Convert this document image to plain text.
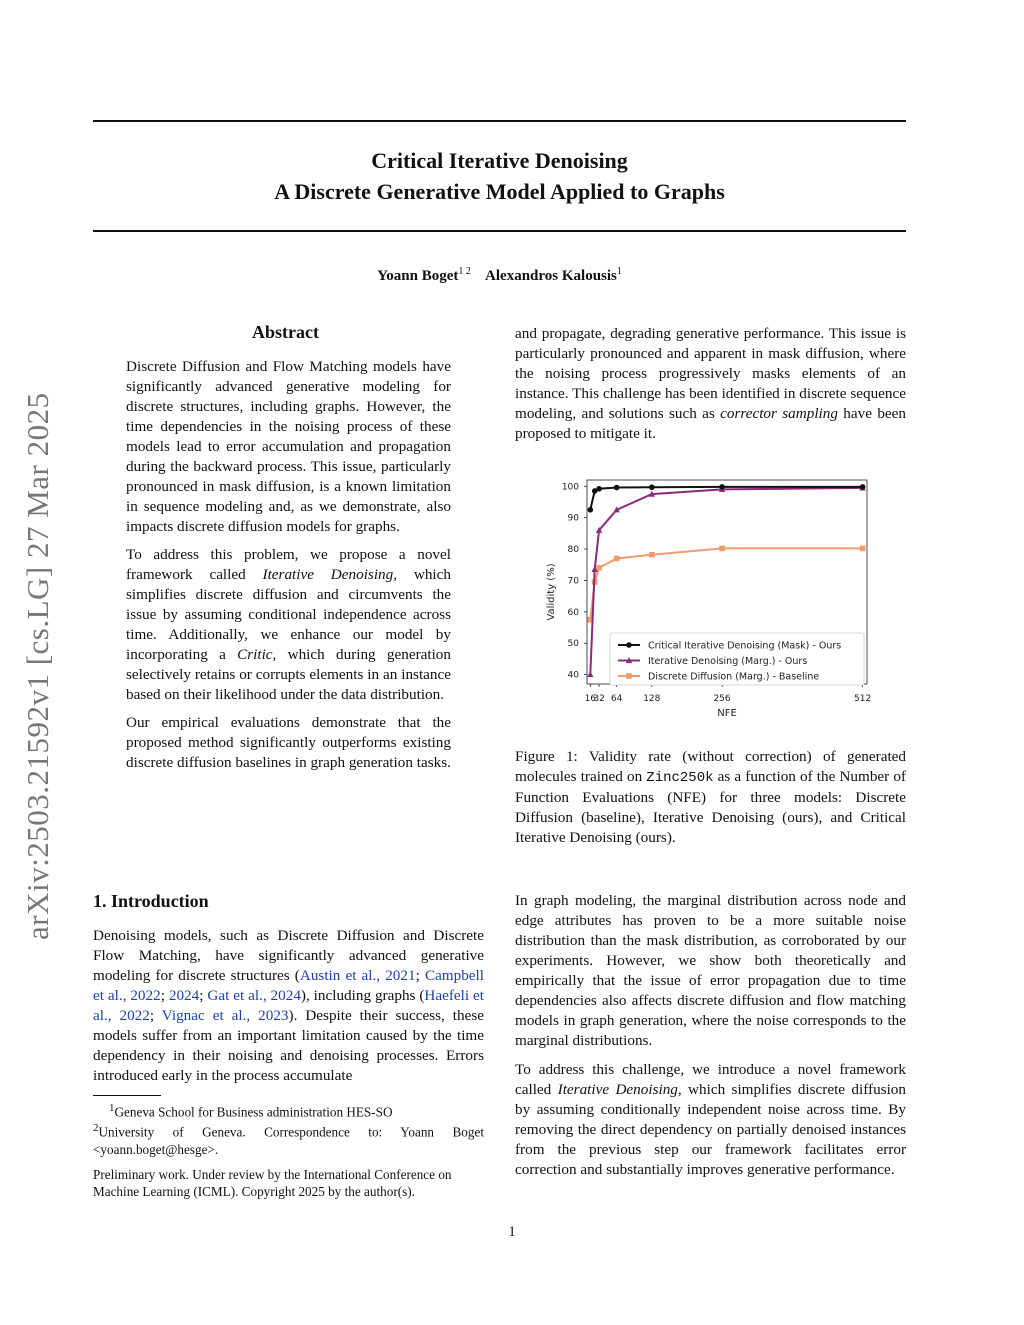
arXiv:2503.21592v1 [cs.LG] 27 Mar 2025
Critical Iterative Denoising
A Discrete Generative Model Applied to Graphs
Yoann Boget$^{1 2}$ Alexandros Kalousis$^1$
Abstract

Discrete Diffusion and Flow Matching models have significantly advanced generative modeling for discrete structures, including graphs. However, the time dependencies in the noising process of these models lead to error accumulation and propagation during the backward process. This issue, particularly pronounced in mask diffusion, is a known limitation in sequence modeling and, as we demonstrate, also impacts discrete diffusion models for graphs.

To address this problem, we propose a novel framework called Iterative Denoising, which simplifies discrete diffusion and circumvents the issue by assuming conditional independence across time. Additionally, we enhance our model by incorporating a Critic, which during generation selectively retains or corrupts elements in an instance based on their likelihood under the data distribution.

Our empirical evaluations demonstrate that the proposed method significantly outperforms existing discrete diffusion baselines in graph generation tasks.

and propagate, degrading generative performance. This issue is particularly pronounced and apparent in mask diffusion, where the noising process progressively masks elements of an instance. This challenge has been identified in discrete sequence modeling, and solutions such as corrector sampling have been proposed to mitigate it.

40
50
60
70
80
90
100
16
32 64 128	256	512
NFE
Validity (%)
Critical Iterative Denoising (Mask) - Ours
Iterative Denoising (Marg.) - Ours
Discrete Diffusion (Marg.) - Baseline

Figure 1: Validity rate (without correction) of generated molecules trained on Zinc250k as a function of the Number of Function Evaluations (NFE) for three models: Discrete Diffusion (baseline), Iterative Denoising (ours), and Critical Iterative Denoising (ours).

1. Introduction

Denoising models, such as Discrete Diffusion and Discrete Flow Matching, have significantly advanced generative modeling for discrete structures (Austin et al., 2021; Campbell et al., 2022; 2024; Gat et al., 2024), including graphs (Haefeli et al., 2022; Vignac et al., 2023). Despite their success, these models suffer from an important limitation caused by the time dependency in their noising and denoising processes. Errors introduced early in the process accumulate

$^1$Geneva School for Business administration HES-SO
$^2$University of Geneva. Correspondence to: Yoann Boget <yoann.boget@hesge>.
Preliminary work. Under review by the International Conference on Machine Learning (ICML). Copyright 2025 by the author(s).

In graph modeling, the marginal distribution across node and edge attributes has proven to be a more suitable noise distribution than the mask distribution, as corroborated by our experiments. However, we show both theoretically and empirically that the issue of error propagation due to time dependencies also affects discrete diffusion and flow matching models in graph generation, where the noise corresponds to the marginal distributions.

To address this challenge, we introduce a novel framework called Iterative Denoising, which simplifies discrete diffusion by assuming conditionally independent noise across time. By removing the direct dependency on partially denoised instances from the previous step our framework facilitates error correction and substantially improves generative performance.

1
